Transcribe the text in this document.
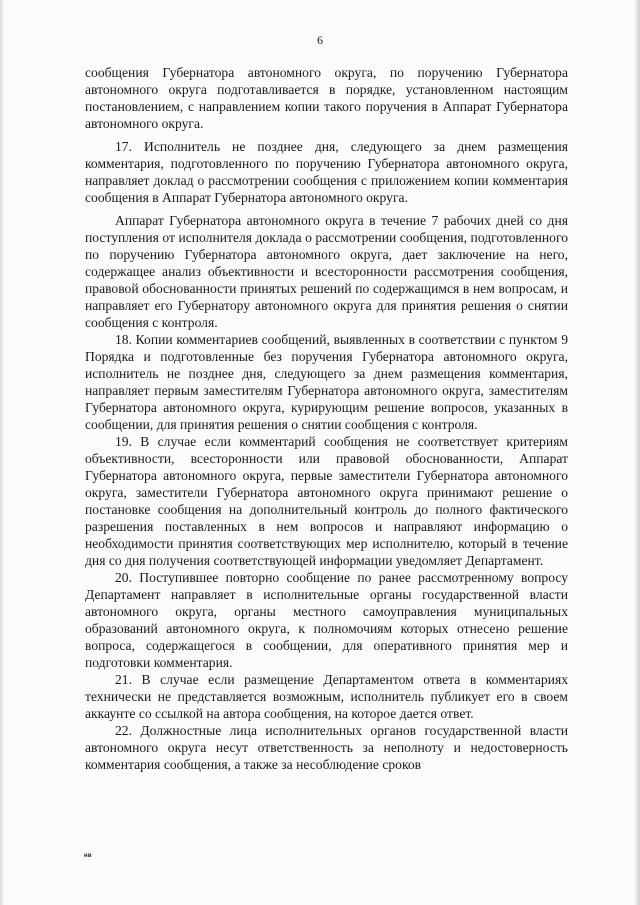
6

сообщения Губернатора автономного округа, по поручению Губернатора автономного округа подготавливается в порядке, установленном настоящим постановлением, с направлением копии такого поручения в Аппарат Губернатора автономного округа.

17. Исполнитель не позднее дня, следующего за днем размещения комментария, подготовленного по поручению Губернатора автономного округа, направляет доклад о рассмотрении сообщения с приложением копии комментария сообщения в Аппарат Губернатора автономного округа.

Аппарат Губернатора автономного округа в течение 7 рабочих дней со дня поступления от исполнителя доклада о рассмотрении сообщения, подготовленного по поручению Губернатора автономного округа, дает заключение на него, содержащее анализ объективности и всесторонности рассмотрения сообщения, правовой обоснованности принятых решений по содержащимся в нем вопросам, и направляет его Губернатору автономного округа для принятия решения о снятии сообщения с контроля.

18. Копии комментариев сообщений, выявленных в соответствии с пунктом 9 Порядка и подготовленные без поручения Губернатора автономного округа, исполнитель не позднее дня, следующего за днем размещения комментария, направляет первым заместителям Губернатора автономного округа, заместителям Губернатора автономного округа, курирующим решение вопросов, указанных в сообщении, для принятия решения о снятии сообщения с контроля.

19. В случае если комментарий сообщения не соответствует критериям объективности, всесторонности или правовой обоснованности, Аппарат Губернатора автономного округа, первые заместители Губернатора автономного округа, заместители Губернатора автономного округа принимают решение о постановке сообщения на дополнительный контроль до полного фактического разрешения поставленных в нем вопросов и направляют информацию о необходимости принятия соответствующих мер исполнителю, который в течение дня со дня получения соответствующей информации уведомляет Департамент.

20. Поступившее повторно сообщение по ранее рассмотренному вопросу Департамент направляет в исполнительные органы государственной власти автономного округа, органы местного самоуправления муниципальных образований автономного округа, к полномочиям которых отнесено решение вопроса, содержащегося в сообщении, для оперативного принятия мер и подготовки комментария.

21. В случае если размещение Департаментом ответа в комментариях технически не представляется возможным, исполнитель публикует его в своем аккаунте со ссылкой на автора сообщения, на которое дается ответ.

22. Должностные лица исполнительных органов государственной власти автономного округа несут ответственность за неполноту и недостоверность комментария сообщения, а также за несоблюдение сроков

нв
